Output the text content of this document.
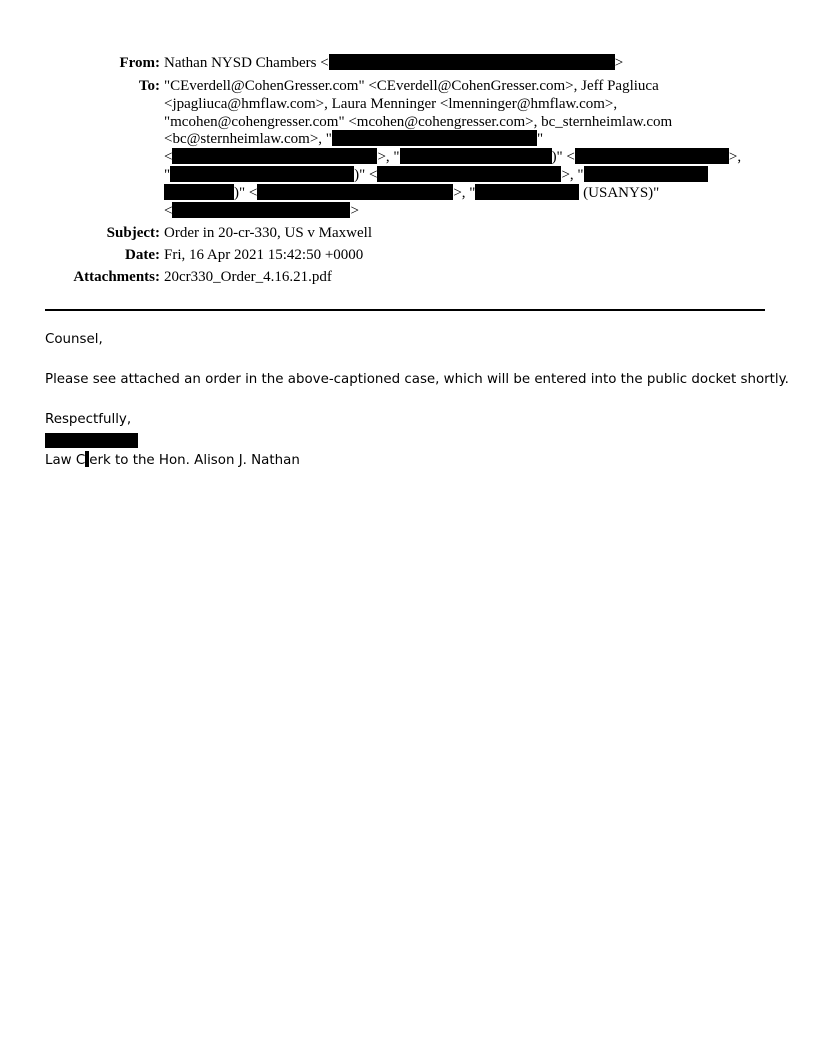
From: Nathan NYSD Chambers <	>
To: "CEverdell@CohenGresser.com" <CEverdell@CohenGresser.com>, Jeff Pagliuca
<jpagliuca@hmflaw.com>, Laura Menninger <lmenninger@hmflaw.com>,
"mcohen@cohengresser.com" <mcohen@cohengresser.com>, bc_sternheimlaw.com
<bc@sternheimlaw.com>, "	"
<	>, "	)" <	>,
"	)" <	>, "
)" <	>, "	(USANYS)"
<	>
Subject: Order in 20-cr-330, US v Maxwell
Date: Fri, 16 Apr 2021 15:42:50 +0000
Attachments: 20cr330_Order_4.16.21.pdf
Counsel,
Please see attached an order in the above-captioned case, which will be entered into the public docket shortly.
Respectfully,
Law C erk to the Hon. Alison J. Nathan
